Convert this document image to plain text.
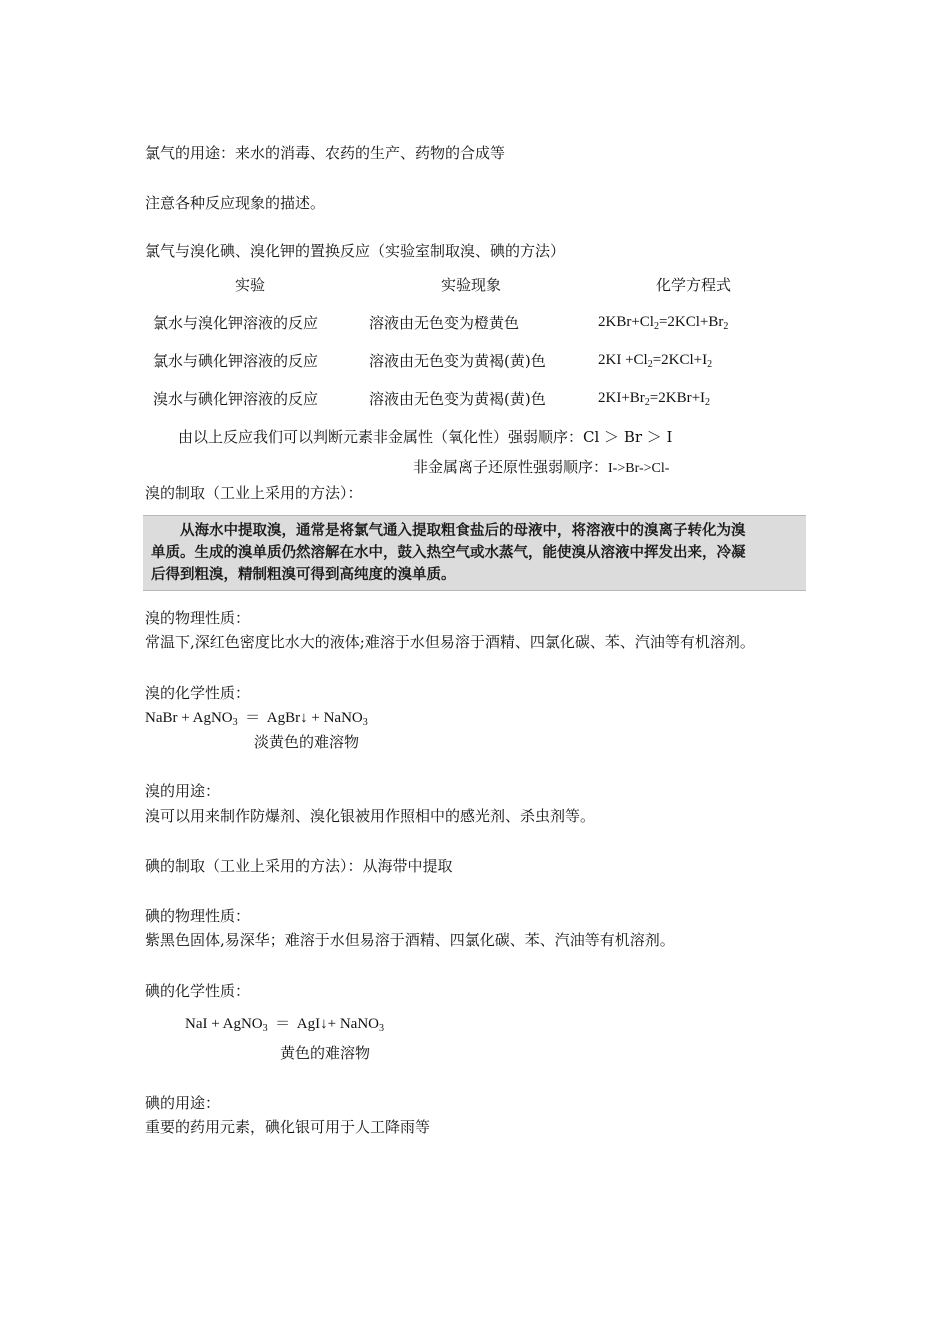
氯气的用途：来水的消毒、农药的生产、药物的合成等
注意各种反应现象的描述。
氯气与溴化碘、溴化钾的置换反应（实验室制取溴、碘的方法）
实验	实验现象	化学方程式
氯水与溴化钾溶液的反应	溶液由无色变为橙黄色	$2KBr+Cl_2=2KCl+Br_2$
氯水与碘化钾溶液的反应	溶液由无色变为黄褐(黄)色	$2KI +Cl_2=2KCl+I_2$
溴水与碘化钾溶液的反应	溶液由无色变为黄褐(黄)色	$2KI+Br_2=2KBr+I_2$
由以上反应我们可以判断元素非金属性（氧化性）强弱顺序：Cl ＞ Br ＞ I
非金属离子还原性强弱顺序：I->Br->Cl-
溴的制取（工业上采用的方法）：
　　从海水中提取溴，通常是将氯气通入提取粗食盐后的母液中，将溶液中的溴离子转化为溴
单质。生成的溴单质仍然溶解在水中，鼓入热空气或水蒸气，能使溴从溶液中挥发出来，冷凝
后得到粗溴，精制粗溴可得到高纯度的溴单质。
溴的物理性质：
常温下,深红色密度比水大的液体;难溶于水但易溶于酒精、四氯化碳、苯、汽油等有机溶剂。
溴的化学性质：
NaBr + AgNO$_3$  ＝  AgBr↓ + NaNO$_3$
淡黄色的难溶物
溴的用途：
溴可以用来制作防爆剂、溴化银被用作照相中的感光剂、杀虫剂等。
碘的制取（工业上采用的方法）：从海带中提取
碘的物理性质：
紫黑色固体,易深华；难溶于水但易溶于酒精、四氯化碳、苯、汽油等有机溶剂。
碘的化学性质：
NaI + AgNO$_3$  ＝  AgI↓+ NaNO$_3$
黄色的难溶物
碘的用途：
重要的药用元素，碘化银可用于人工降雨等
